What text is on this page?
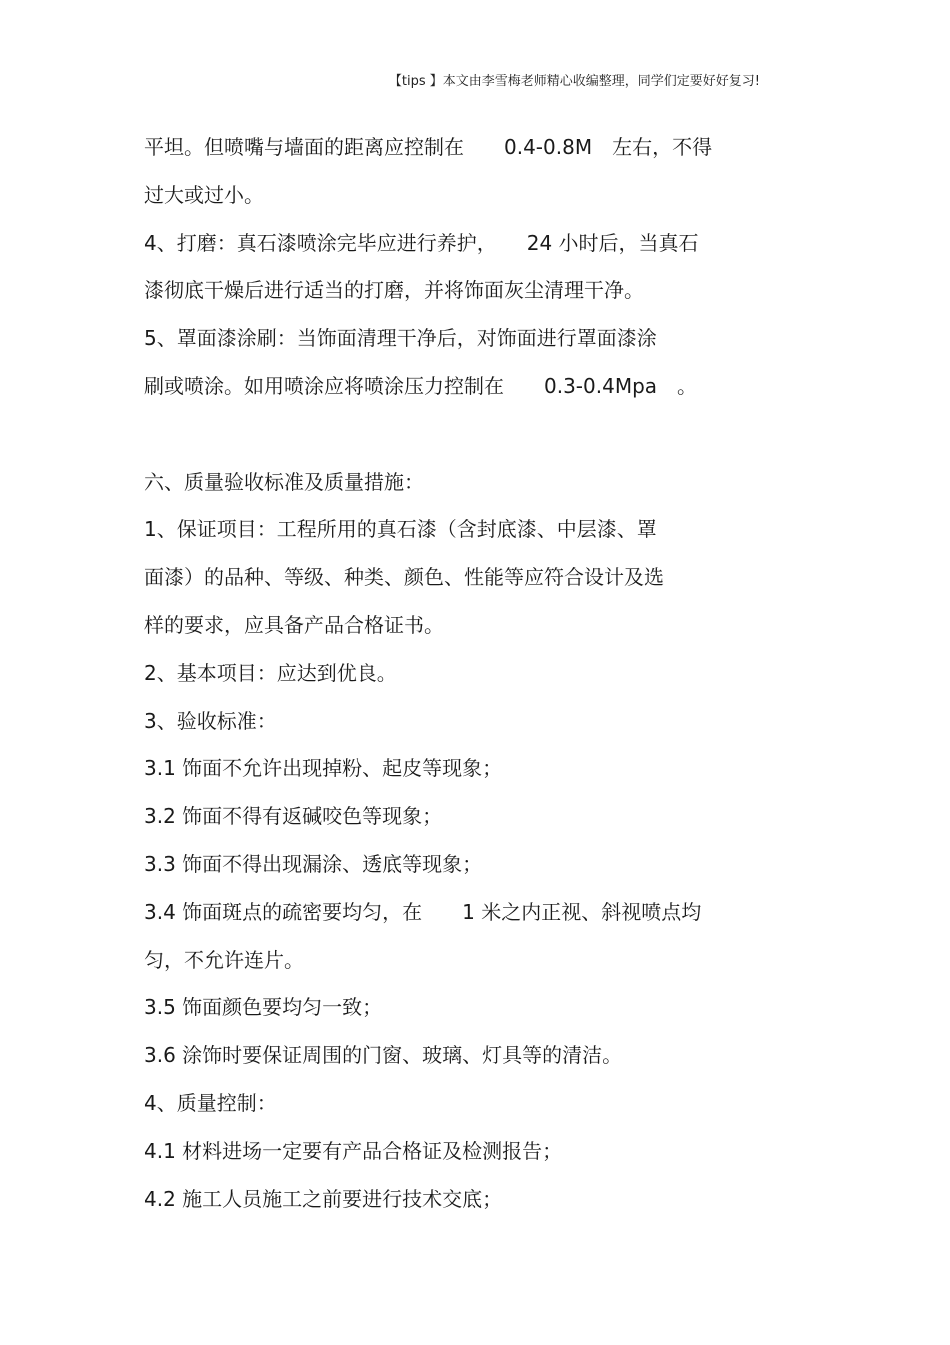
【tips 】本文由李雪梅老师精心收编整理，同学们定要好好复习!
平坦。但喷嘴与墙面的距离应控制在　　0.4-0.8M　左右，不得
过大或过小。
4、打磨：真石漆喷涂完毕应进行养护，　　24 小时后，当真石
漆彻底干燥后进行适当的打磨，并将饰面灰尘清理干净。
5、罩面漆涂刷：当饰面清理干净后，对饰面进行罩面漆涂
刷或喷涂。如用喷涂应将喷涂压力控制在　　0.3-0.4Mpa　。
六、质量验收标准及质量措施：
1、保证项目：工程所用的真石漆（含封底漆、中层漆、罩
面漆）的品种、等级、种类、颜色、性能等应符合设计及选
样的要求，应具备产品合格证书。
2、基本项目：应达到优良。
3、验收标准：
3.1 饰面不允许出现掉粉、起皮等现象；
3.2 饰面不得有返碱咬色等现象；
3.3 饰面不得出现漏涂、透底等现象；
3.4 饰面斑点的疏密要均匀，在　　1 米之内正视、斜视喷点均
匀，不允许连片。
3.5 饰面颜色要均匀一致；
3.6 涂饰时要保证周围的门窗、玻璃、灯具等的清洁。
4、质量控制：
4.1 材料进场一定要有产品合格证及检测报告；
4.2 施工人员施工之前要进行技术交底；
